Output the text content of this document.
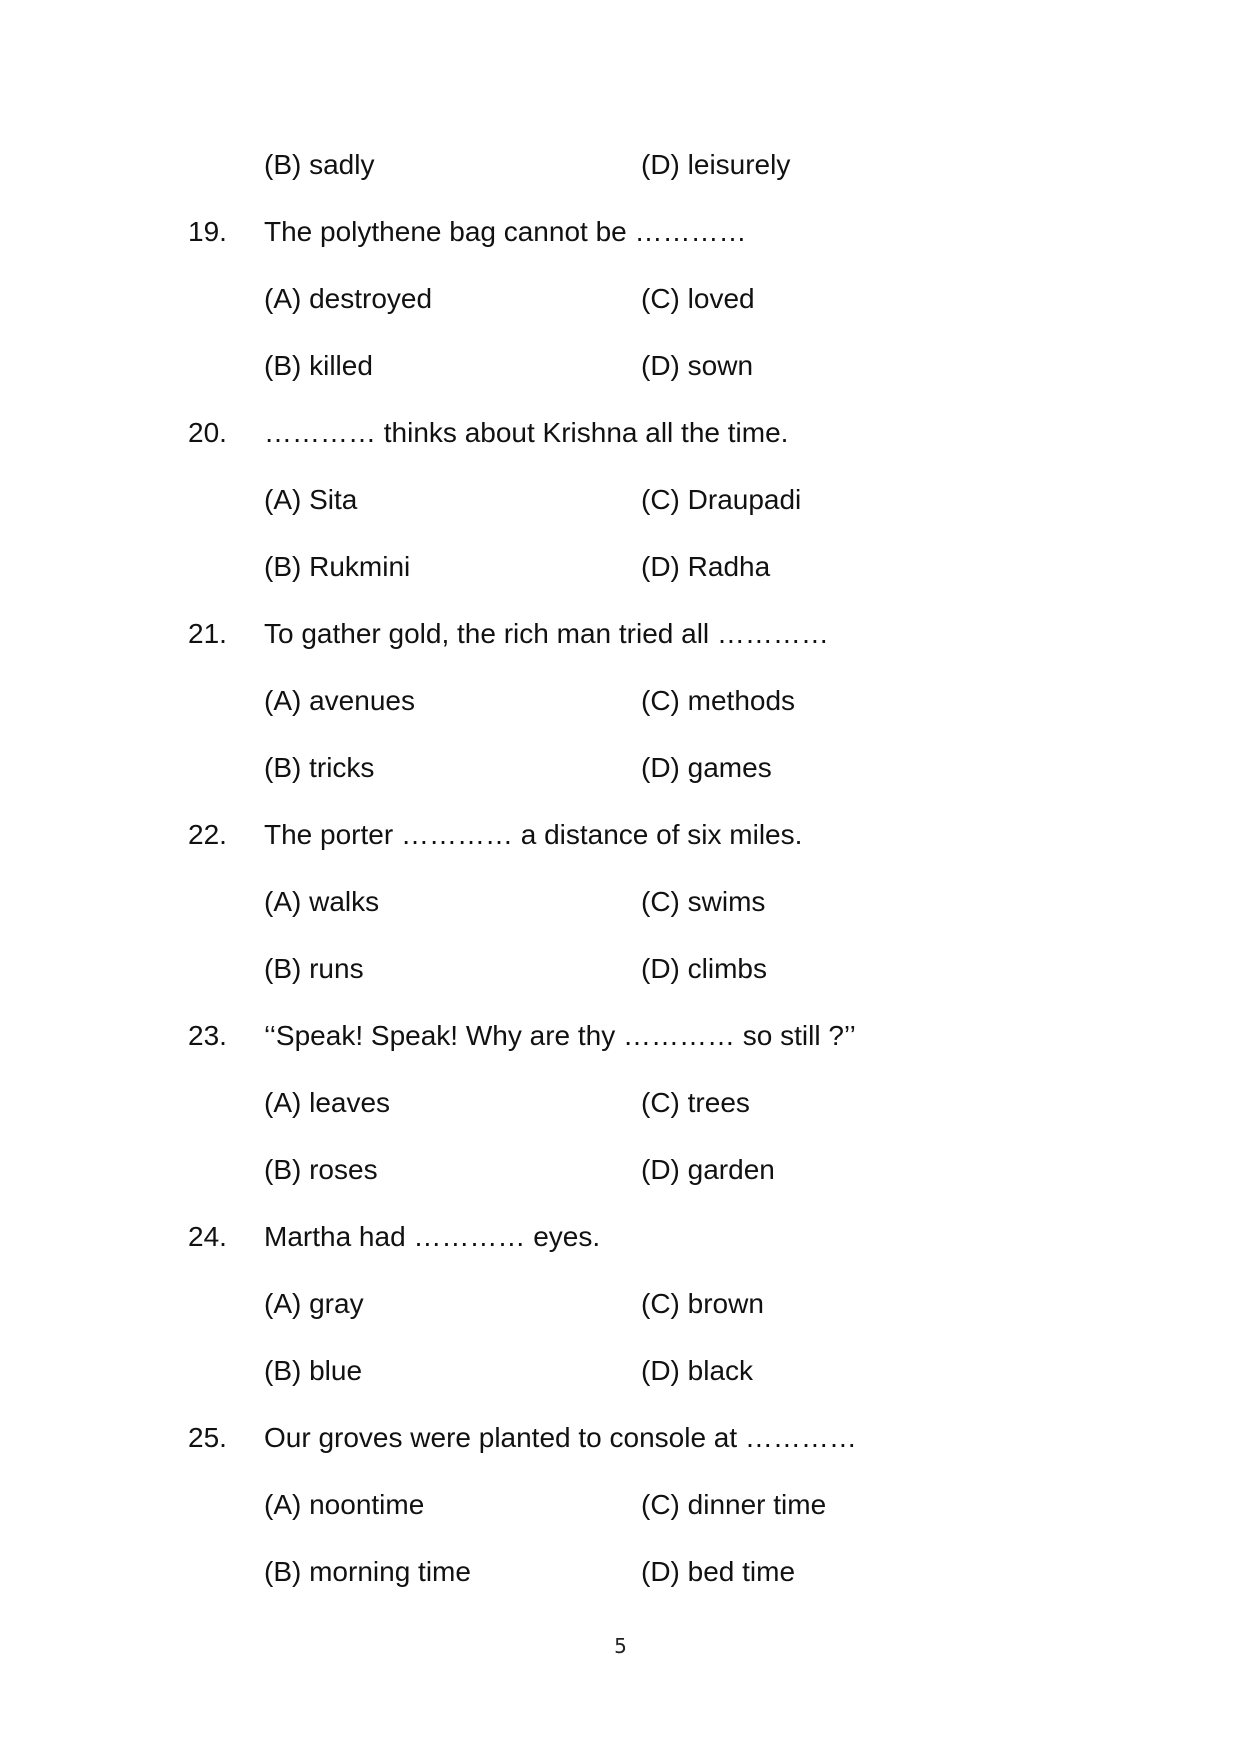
(B) sadly	(D) leisurely
19. The polythene bag cannot be …………
(A) destroyed	(C) loved
(B) killed	(D) sown
20. ………… thinks about Krishna all the time.
(A) Sita	(C) Draupadi
(B) Rukmini	(D) Radha
21. To gather gold, the rich man tried all …………
(A) avenues	(C) methods
(B) tricks	(D) games
22. The porter ………… a distance of six miles.
(A) walks	(C) swims
(B) runs	(D) climbs
23. ‘‘Speak! Speak! Why are thy ………… so still ?’’
(A) leaves	(C) trees
(B) roses	(D) garden
24. Martha had ………… eyes.
(A) gray	(C) brown
(B) blue	(D) black
25. Our groves were planted to console at …………
(A) noontime	(C) dinner time
(B) morning time	(D) bed time
5
